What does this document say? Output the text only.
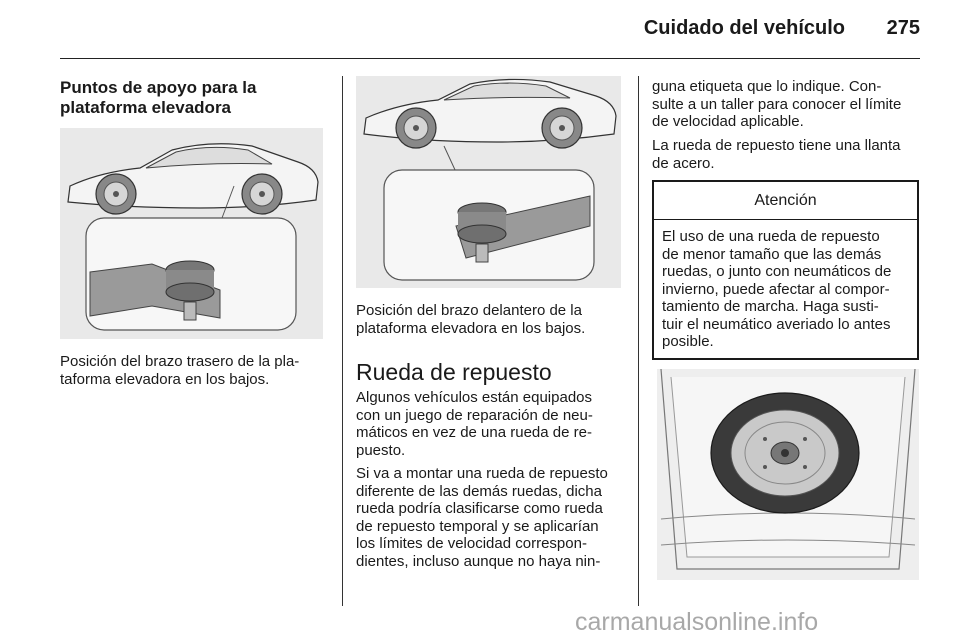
Cuidado del vehículo	275
Puntos de apoyo para la
plataforma elevadora
Posición del brazo trasero de la pla-
taforma elevadora en los bajos.
Posición del brazo delantero de la
plataforma elevadora en los bajos.
Rueda de repuesto
Algunos vehículos están equipados
con un juego de reparación de neu-
máticos en vez de una rueda de re-
puesto.
Si va a montar una rueda de repuesto
diferente de las demás ruedas, dicha
rueda podría clasificarse como rueda
de repuesto temporal y se aplicarían
los límites de velocidad correspon-
dientes, incluso aunque no haya nin-
guna etiqueta que lo indique. Con-
sulte a un taller para conocer el límite
de velocidad aplicable.
La rueda de repuesto tiene una llanta
de acero.
Atención
El uso de una rueda de repuesto
de menor tamaño que las demás
ruedas, o junto con neumáticos de
invierno, puede afectar al compor-
tamiento de marcha. Haga susti-
tuir el neumático averiado lo antes
posible.
carmanualsonline.info
